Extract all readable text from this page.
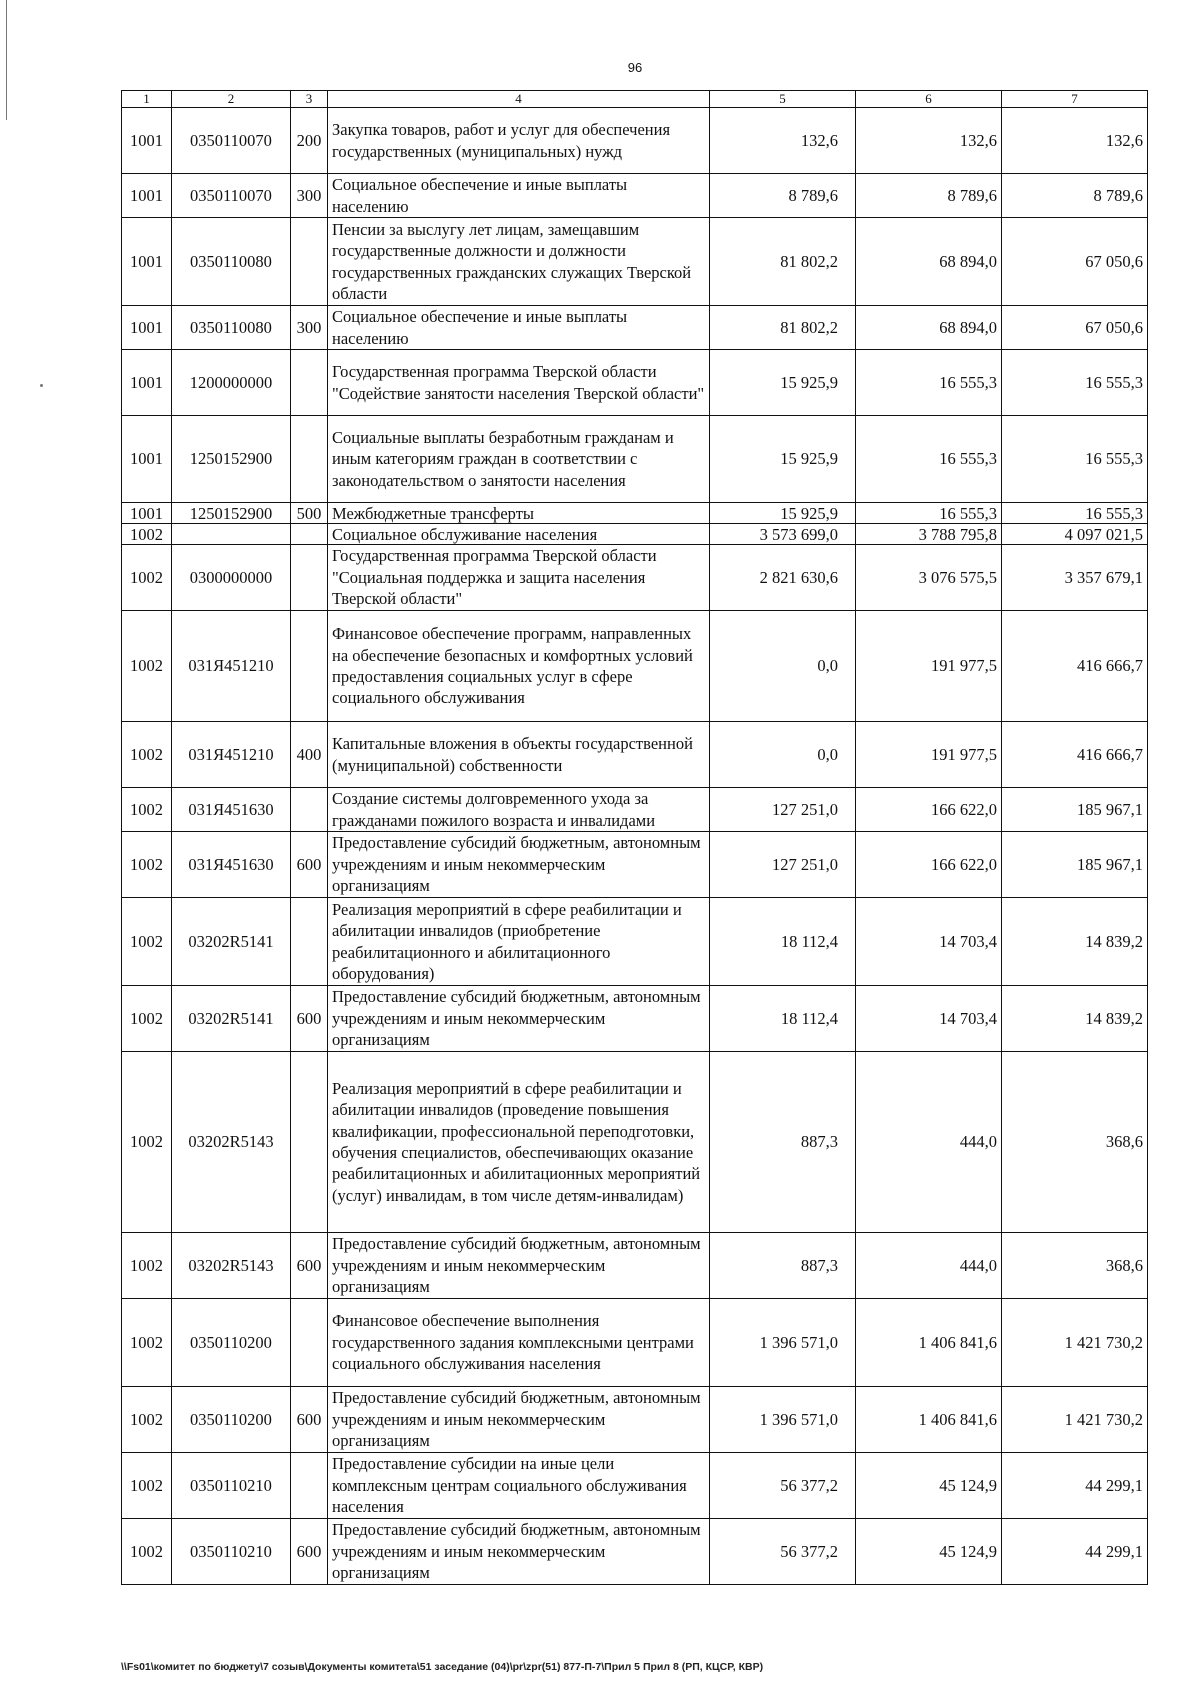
96
1	2	3	4	5	6	7
1001	0350110070	200	Закупка товаров, работ и услуг для обеспечения государственных (муниципальных) нужд	132,6	132,6	132,6
1001	0350110070	300	Социальное обеспечение и иные выплаты населению	8 789,6	8 789,6	8 789,6
1001	0350110080		Пенсии за выслугу лет лицам, замещавшим государственные должности и должности государственных гражданских служащих Тверской области	81 802,2	68 894,0	67 050,6
1001	0350110080	300	Социальное обеспечение и иные выплаты населению	81 802,2	68 894,0	67 050,6
1001	1200000000		Государственная программа Тверской области "Содействие занятости населения Тверской области"	15 925,9	16 555,3	16 555,3
1001	1250152900		Социальные выплаты безработным гражданам и иным категориям граждан в соответствии с законодательством о занятости населения	15 925,9	16 555,3	16 555,3
1001	1250152900	500	Межбюджетные трансферты	15 925,9	16 555,3	16 555,3
1002			Социальное обслуживание населения	3 573 699,0	3 788 795,8	4 097 021,5
1002	0300000000		Государственная программа Тверской области "Социальная поддержка и защита населения Тверской области"	2 821 630,6	3 076 575,5	3 357 679,1
1002	031Я451210		Финансовое обеспечение программ, направленных на обеспечение безопасных и комфортных условий предоставления социальных услуг в сфере социального обслуживания	0,0	191 977,5	416 666,7
1002	031Я451210	400	Капитальные вложения в объекты государственной (муниципальной) собственности	0,0	191 977,5	416 666,7
1002	031Я451630		Создание системы долговременного ухода за гражданами пожилого возраста и инвалидами	127 251,0	166 622,0	185 967,1
1002	031Я451630	600	Предоставление субсидий бюджетным, автономным учреждениям и иным некоммерческим организациям	127 251,0	166 622,0	185 967,1
1002	03202R5141		Реализация мероприятий в сфере реабилитации и абилитации инвалидов (приобретение реабилитационного и абилитационного оборудования)	18 112,4	14 703,4	14 839,2
1002	03202R5141	600	Предоставление субсидий бюджетным, автономным учреждениям и иным некоммерческим организациям	18 112,4	14 703,4	14 839,2
1002	03202R5143		Реализация мероприятий в сфере реабилитации и абилитации инвалидов (проведение повышения квалификации, профессиональной переподготовки, обучения специалистов, обеспечивающих оказание реабилитационных и абилитационных мероприятий (услуг) инвалидам, в том числе детям-инвалидам)	887,3	444,0	368,6
1002	03202R5143	600	Предоставление субсидий бюджетным, автономным учреждениям и иным некоммерческим организациям	887,3	444,0	368,6
1002	0350110200		Финансовое обеспечение выполнения государственного задания комплексными центрами социального обслуживания населения	1 396 571,0	1 406 841,6	1 421 730,2
1002	0350110200	600	Предоставление субсидий бюджетным, автономным учреждениям и иным некоммерческим организациям	1 396 571,0	1 406 841,6	1 421 730,2
1002	0350110210		Предоставление субсидии на иные цели комплексным центрам социального обслуживания населения	56 377,2	45 124,9	44 299,1
1002	0350110210	600	Предоставление субсидий бюджетным, автономным учреждениям и иным некоммерческим организациям	56 377,2	45 124,9	44 299,1
\\Fs01\комитет по бюджету\7 созыв\Документы комитета\51 заседание (04)\pr\zpr(51) 877-П-7\Прил 5 Прил 8 (РП, КЦСР, КВР)
